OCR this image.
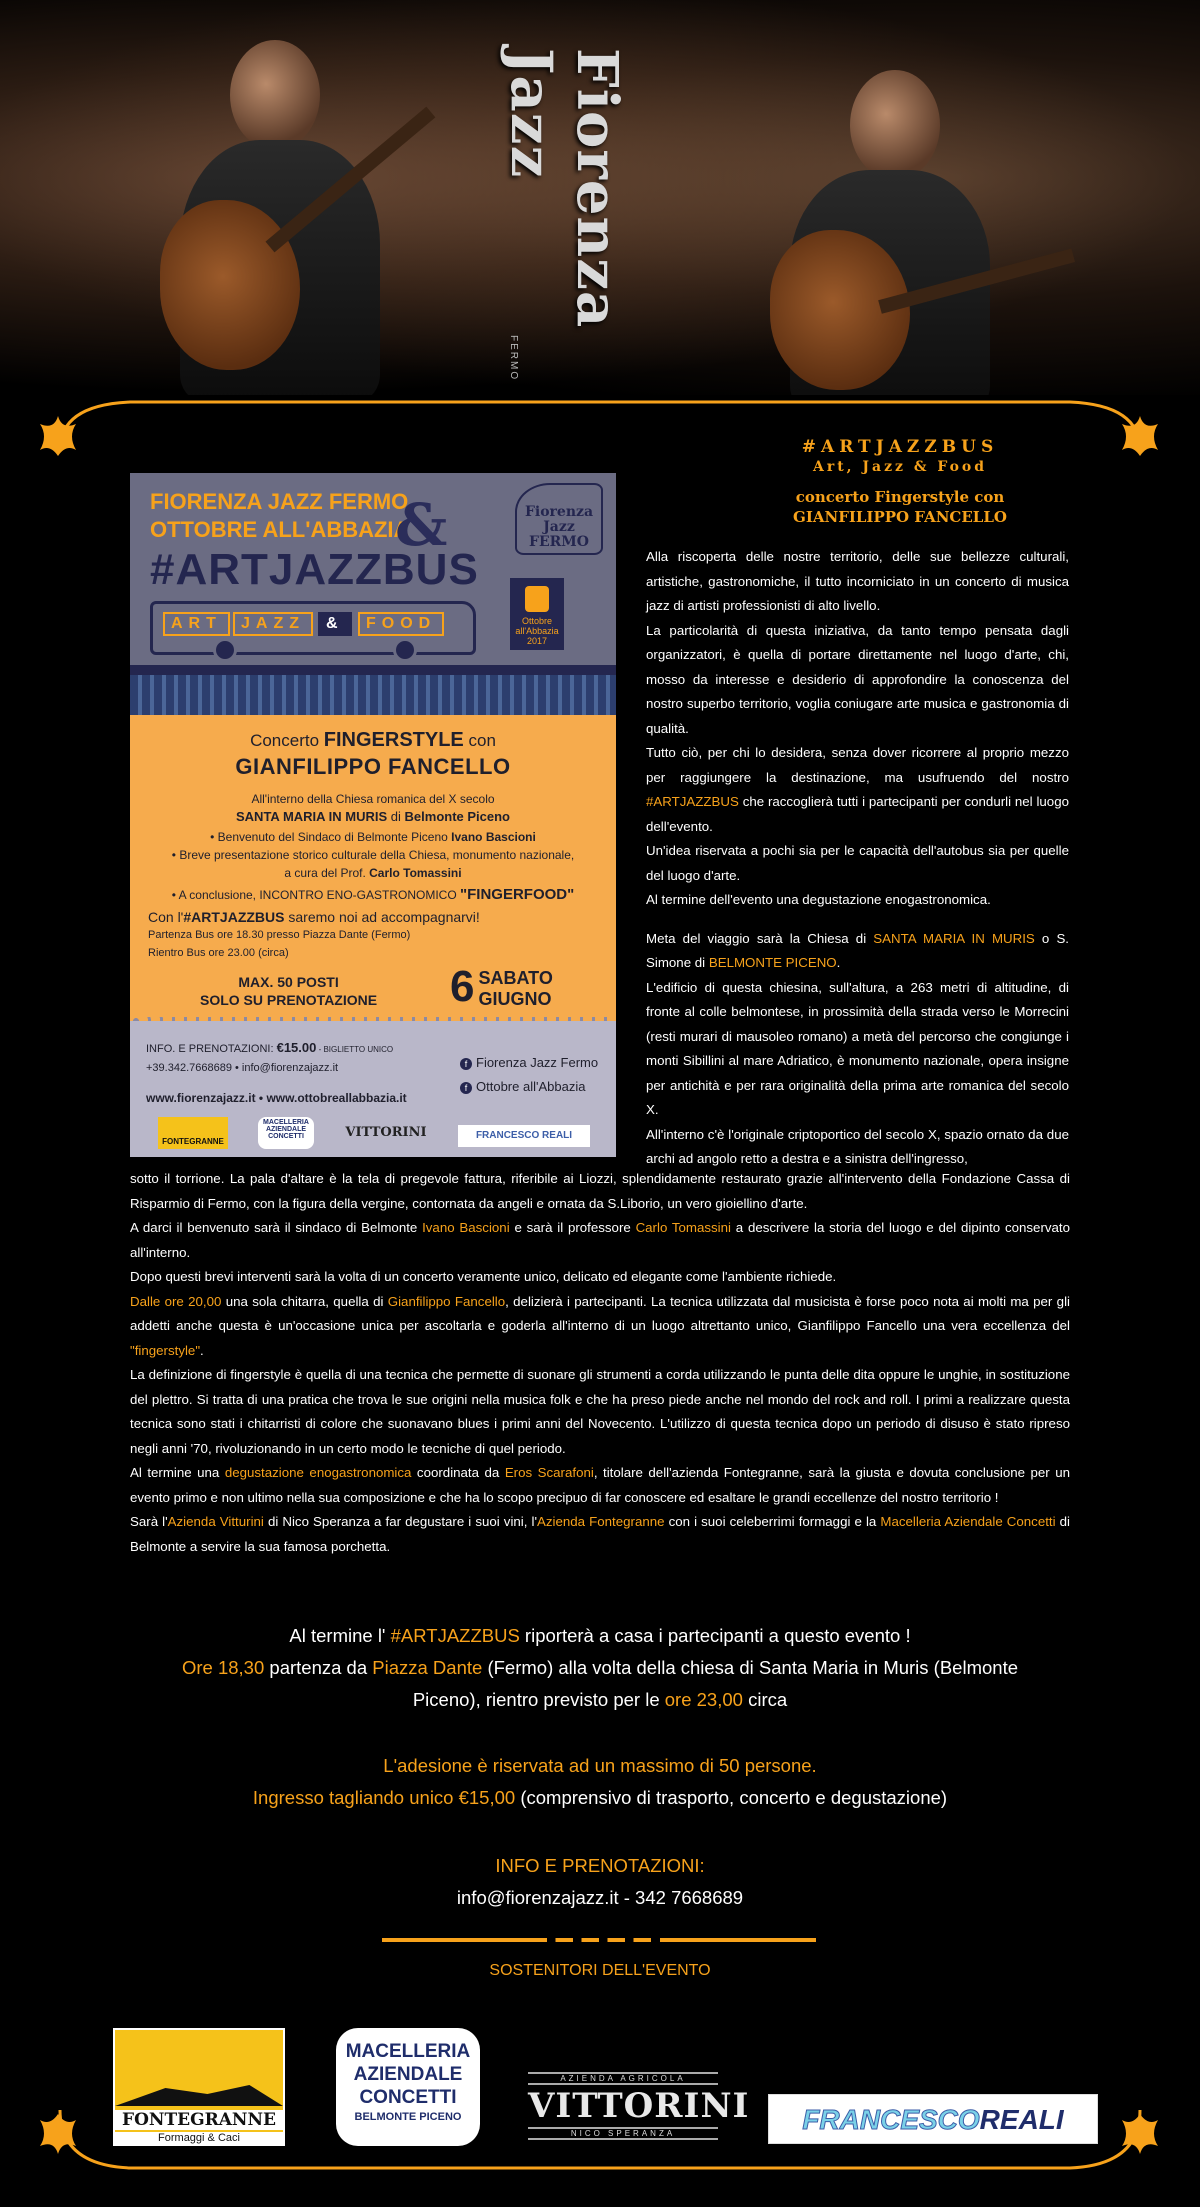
Fiorenza Jazz
FERMO
FIORENZA JAZZ FERMO
OTTOBRE ALL'ABBAZIA
&
#ARTJAZZBUS
ART	JAZZ	&	FOOD
Fiorenza Jazz FERMO
Ottobre all'Abbazia
2017
Concerto FINGERSTYLE con
GIANFILIPPO FANCELLO
All'interno della Chiesa romanica del X secolo
SANTA MARIA IN MURIS di Belmonte Piceno
• Benvenuto del Sindaco di Belmonte Piceno Ivano Bascioni
• Breve presentazione storico culturale della Chiesa, monumento nazionale,
a cura del Prof. Carlo Tomassini
• A conclusione, INCONTRO ENO-GASTRONOMICO "FINGERFOOD"
Con l'#ARTJAZZBUS saremo noi ad accompagnarvi!
Partenza Bus ore 18.30 presso Piazza Dante (Fermo)
Rientro Bus ore 23.00 (circa)
MAX. 50 POSTI
SOLO SU PRENOTAZIONE 6 SABATO
GIUGNO
INFO. E PRENOTAZIONI: €15.00 - BIGLIETTO UNICO
+39.342.7668689 • info@fiorenzajazz.it
www.fiorenzajazz.it • www.ottobreallabbazia.it
f Fiorenza Jazz Fermo
f Ottobre all'Abbazia
FONTEGRANNE
MACELLERIA AZIENDALE CONCETTI	VITTORINI	FRANCESCO REALI
#ARTJAZZBUS
Art, Jazz & Food
concerto Fingerstyle con
GIANFILIPPO FANCELLO

Alla riscoperta delle nostre territorio, delle sue bellezze culturali, artistiche, gastronomiche, il tutto incorniciato in un concerto di musica jazz di artisti professionisti di alto livello.

La particolarità di questa iniziativa, da tanto tempo pensata dagli organizzatori, è quella di portare direttamente nel luogo d'arte, chi, mosso da interesse e desiderio di approfondire la conoscenza del nostro superbo territorio, voglia coniugare arte musica e gastronomia di qualità.

Tutto ciò, per chi lo desidera, senza dover ricorrere al proprio mezzo per raggiungere la destinazione, ma usufruendo del nostro #ARTJAZZBUS che raccoglierà tutti i partecipanti per condurli nel luogo dell'evento.

Un'idea riservata a pochi sia per le capacità dell'autobus sia per quelle del luogo d'arte.

Al termine dell'evento una degustazione enogastronomica.

Meta del viaggio sarà la Chiesa di SANTA MARIA IN MURIS o S. Simone di BELMONTE PICENO.

L'edificio di questa chiesina, sull'altura, a 263 metri di altitudine, di fronte al colle belmontese, in prossimità della strada verso le Morrecini (resti murari di mausoleo romano) a metà del percorso che congiunge i monti Sibillini al mare Adriatico, è monumento nazionale, opera insigne per antichità e per rara originalità della prima arte romanica del secolo X.

All'interno c'è l'originale criptoportico del secolo X, spazio ornato da due archi ad angolo retto a destra e a sinistra dell'ingresso,

sotto il torrione. La pala d'altare è la tela di pregevole fattura, riferibile ai Liozzi, splendidamente restaurato grazie all'intervento della Fondazione Cassa di Risparmio di Fermo, con la figura della vergine, contornata da angeli e ornata da S.Liborio, un vero gioiellino d'arte.

A darci il benvenuto sarà il sindaco di Belmonte Ivano Bascioni e sarà il professore Carlo Tomassini a descrivere la storia del luogo e del dipinto conservato all'interno.

Dopo questi brevi interventi sarà la volta di un concerto veramente unico, delicato ed elegante come l'ambiente richiede.

Dalle ore 20,00 una sola chitarra, quella di Gianfilippo Fancello, delizierà i partecipanti. La tecnica utilizzata dal musicista è forse poco nota ai molti ma per gli addetti anche questa è un'occasione unica per ascoltarla e goderla all'interno di un luogo altrettanto unico, Gianfilippo Fancello una vera eccellenza del "fingerstyle".

La definizione di fingerstyle è quella di una tecnica che permette di suonare gli strumenti a corda utilizzando le punta delle dita oppure le unghie, in sostituzione del plettro. Si tratta di una pratica che trova le sue origini nella musica folk e che ha preso piede anche nel mondo del rock and roll. I primi a realizzare questa tecnica sono stati i chitarristi di colore che suonavano blues i primi anni del Novecento. L'utilizzo di questa tecnica dopo un periodo di disuso è stato ripreso negli anni '70, rivoluzionando in un certo modo le tecniche di quel periodo.

Al termine una degustazione enogastronomica coordinata da Eros Scarafoni, titolare dell'azienda Fontegranne, sarà la giusta e dovuta conclusione per un evento primo e non ultimo nella sua composizione e che ha lo scopo precipuo di far conoscere ed esaltare le grandi eccellenze del nostro territorio !

Sarà l'Azienda Vitturini di Nico Speranza a far degustare i suoi vini, l'Azienda Fontegranne con i suoi celeberrimi formaggi e la Macelleria Aziendale Concetti di Belmonte a servire la sua famosa porchetta.

Al termine l' #ARTJAZZBUS riporterà a casa i partecipanti a questo evento !
Ore 18,30 partenza da Piazza Dante (Fermo) alla volta della chiesa di Santa Maria in Muris (Belmonte Piceno), rientro previsto per le ore 23,00 circa
L'adesione è riservata ad un massimo di 50 persone.
Ingresso tagliando unico €15,00 (comprensivo di trasporto, concerto e degustazione)
INFO E PRENOTAZIONI:
info@fiorenzajazz.it - 342 7668689
SOSTENITORI DELL'EVENTO
FONTEGRANNE
Formaggi & Caci
MACELLERIA
AZIENDALE
CONCETTI
BELMONTE PICENO
AZIENDA AGRICOLA
VITTORINI
NICO SPERANZA	FRANCESCOREALI
